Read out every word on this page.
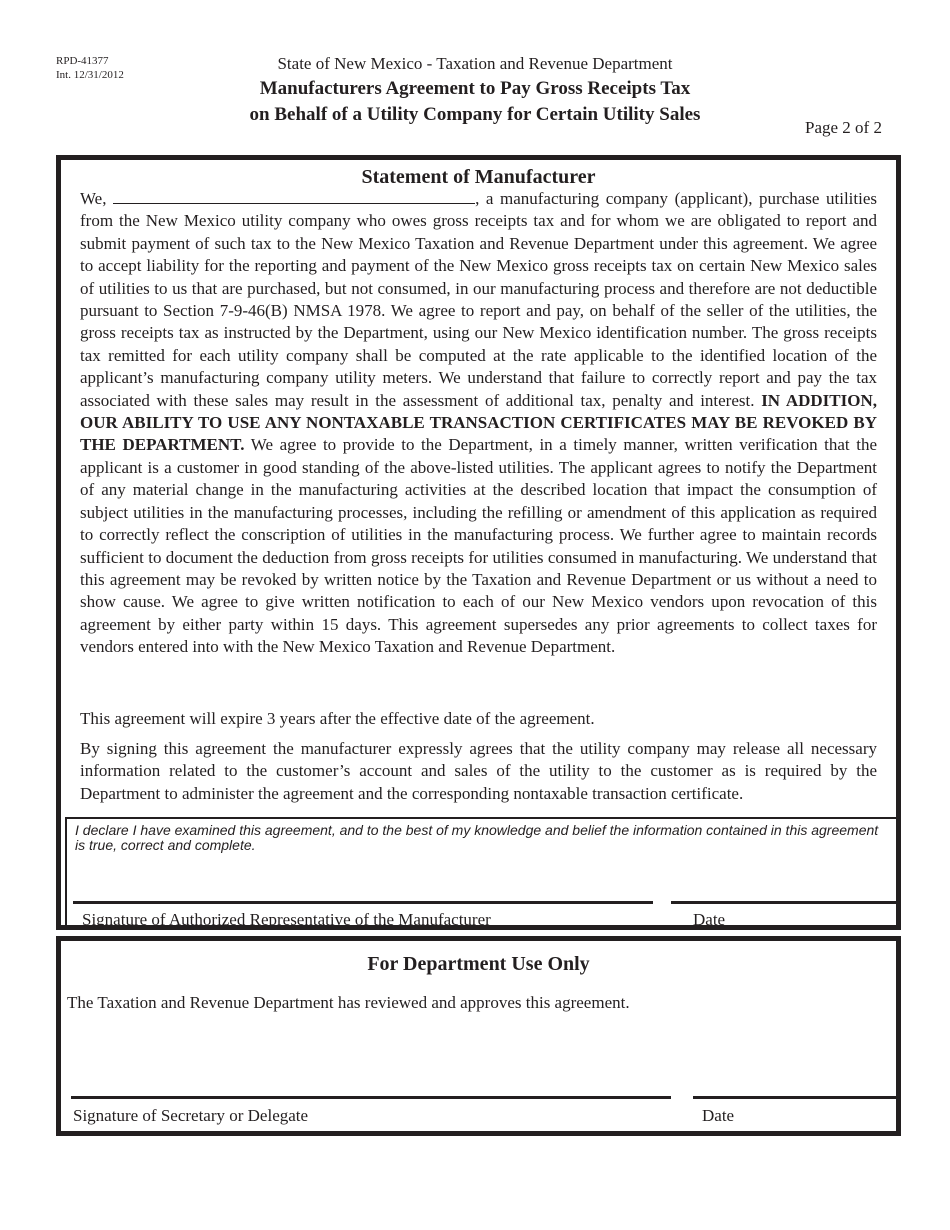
RPD-41377
Int. 12/31/2012
State of New Mexico - Taxation and Revenue Department
Manufacturers Agreement to Pay Gross Receipts Tax
on Behalf of a Utility Company for Certain Utility Sales
Page 2 of 2
Statement of Manufacturer

We,	, a manufacturing company (applicant), purchase utilities from the New Mexico utility company who owes gross receipts tax and for whom we are obligated to report and submit payment of such tax to the New Mexico Taxation and Revenue Department under this agreement. We agree to accept liability for the reporting and payment of the New Mexico gross receipts tax on certain New Mexico sales of utilities to us that are purchased, but not consumed, in our manufacturing process and therefore are not deductible pursuant to Section 7-9-46(B) NMSA 1978. We agree to report and pay, on behalf of the seller of the utilities, the gross receipts tax as instructed by the Department, using our New Mexico identification number. The gross receipts tax remitted for each utility company shall be computed at the rate applicable to the identified location of the applicant’s manufacturing company utility meters. We understand that failure to correctly report and pay the tax associated with these sales may result in the assessment of additional tax, penalty and interest. IN ADDITION, OUR ABILITY TO USE ANY NONTAXABLE TRANSACTION CERTIFICATES MAY BE REVOKED BY THE DEPARTMENT. We agree to provide to the Department, in a timely manner, written verification that the applicant is a customer in good standing of the above-listed utilities. The applicant agrees to notify the Department of any material change in the manufacturing activities at the described location that impact the consumption of subject utilities in the manufacturing processes, including the refilling or amendment of this application as required to correctly reflect the conscription of utilities in the manufacturing process. We further agree to maintain records sufficient to document the deduction from gross receipts for utilities consumed in manufacturing. We understand that this agreement may be revoked by written notice by the Taxation and Revenue Department or us without a need to show cause. We agree to give written notification to each of our New Mexico vendors upon revocation of this agreement by either party within 15 days. This agreement supersedes any prior agreements to collect taxes for vendors entered into with the New Mexico Taxation and Revenue Department.

This agreement will expire 3 years after the effective date of the agreement.

By signing this agreement the manufacturer expressly agrees that the utility company may release all necessary information related to the customer’s account and sales of the utility to the customer as is required by the Department to administer the agreement and the corresponding nontaxable transaction certificate.

I declare I have examined this agreement, and to the best of my knowledge and belief the information contained in this agreement is true, correct and complete.

Signature of Authorized Representative of the Manufacturer	Date
For Department Use Only
The Taxation and Revenue Department has reviewed and approves this agreement.
Signature of Secretary or Delegate	Date
